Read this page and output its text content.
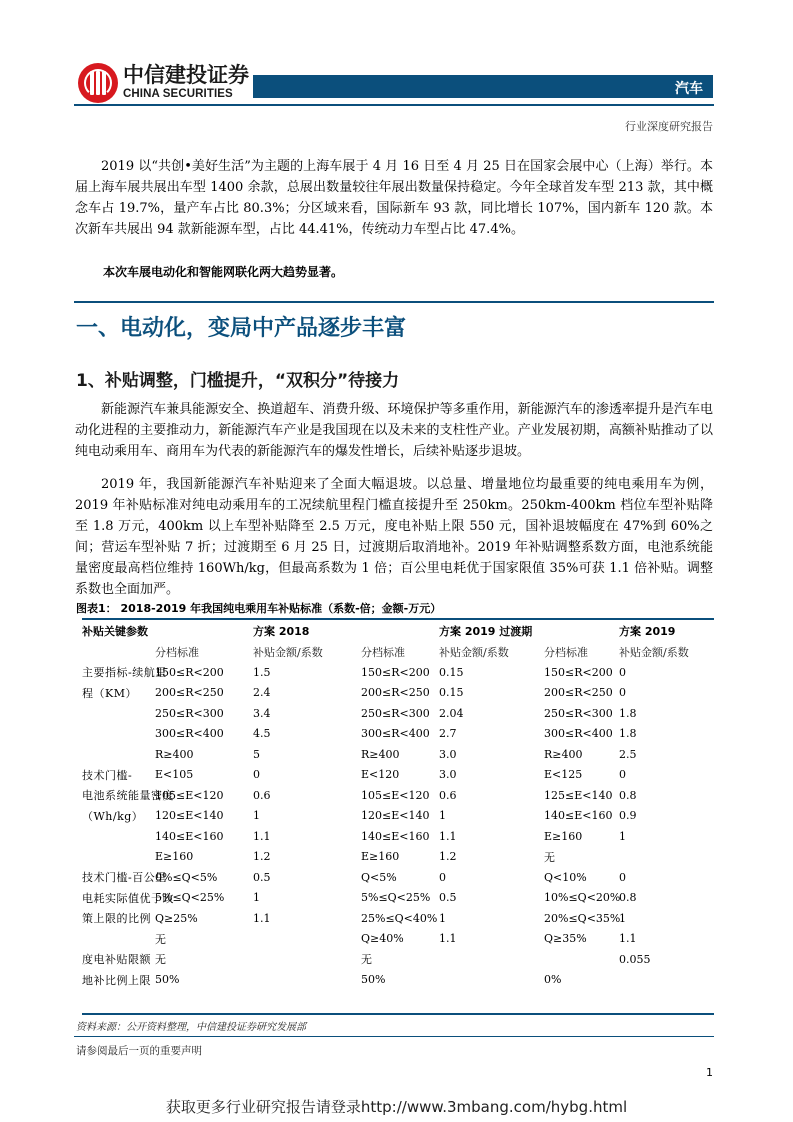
中信建投证券
CHINA SECURITIES	汽车
行业深度研究报告
2019 以“共创•美好生活”为主题的上海车展于 4 月 16 日至 4 月 25 日在国家会展中心（上海）举行。本届上海车展共展出车型 1400 余款，总展出数量较往年展出数量保持稳定。今年全球首发车型 213 款，其中概念车占 19.7%，量产车占比 80.3%；分区域来看，国际新车 93 款，同比增长 107%，国内新车 120 款。本次新车共展出 94 款新能源车型，占比 44.41%，传统动力车型占比 47.4%。
本次车展电动化和智能网联化两大趋势显著。
一、电动化，变局中产品逐步丰富
1、补贴调整，门槛提升，“双积分”待接力
新能源汽车兼具能源安全、换道超车、消费升级、环境保护等多重作用，新能源汽车的渗透率提升是汽车电动化进程的主要推动力，新能源汽车产业是我国现在以及未来的支柱性产业。产业发展初期，高额补贴推动了以纯电动乘用车、商用车为代表的新能源汽车的爆发性增长，后续补贴逐步退坡。
2019 年，我国新能源汽车补贴迎来了全面大幅退坡。以总量、增量地位均最重要的纯电乘用车为例，2019 年补贴标准对纯电动乘用车的工况续航里程门槛直接提升至 250km。250km-400km 档位车型补贴降至 1.8 万元，400km 以上车型补贴降至 2.5 万元，度电补贴上限 550 元，国补退坡幅度在 47%到 60%之间；营运车型补贴 7 折；过渡期至 6 月 25 日，过渡期后取消地补。2019 年补贴调整系数方面，电池系统能量密度最高档位维持 160Wh/kg，但最高系数为 1 倍；百公里电耗优于国家限值 35%可获 1.1 倍补贴。调整系数也全面加严。
图表1： 2018-2019 年我国纯电乘用车补贴标准（系数-倍；金额-万元）
补贴关键参数		方案 2018		方案 2019 过渡期		方案 2019
	分档标准	补贴金额/系数	分档标准	补贴金额/系数	分档标准	补贴金额/系数
主要指标-续航里	150≤R<200	1.5	150≤R<200	0.15	150≤R<200	0
程（KM）	200≤R<250	2.4	200≤R<250	0.15	200≤R<250	0
	250≤R<300	3.4	250≤R<300	2.04	250≤R<300	1.8
	300≤R<400	4.5	300≤R<400	2.7	300≤R<400	1.8
	R≥400	5	R≥400	3.0	R≥400	2.5
技术门槛-	E<105	0	E<120	3.0	E<125	0
电池系统能量密度	105≤E<120	0.6	105≤E<120	0.6	125≤E<140	0.8
（Wh/kg）	120≤E<140	1	120≤E<140	1	140≤E<160	0.9
	140≤E<160	1.1	140≤E<160	1.1	E≥160	1
	E≥160	1.2	E≥160	1.2	无	
技术门槛-百公里	0%≤Q<5%	0.5	Q<5%	0	Q<10%	0
电耗实际值优于政	5%≤Q<25%	1	5%≤Q<25%	0.5	10%≤Q<20%	0.8
策上限的比例	Q≥25%	1.1	25%≤Q<40%	1	20%≤Q<35%	1
	无		Q≥40%	1.1	Q≥35%	1.1
度电补贴限额	无		无			0.055
地补比例上限	50%		50%		0%	
资料来源：公开资料整理，中信建投证券研究发展部
请参阅最后一页的重要声明
1
获取更多行业研究报告请登录http://www.3mbang.com/hybg.html
